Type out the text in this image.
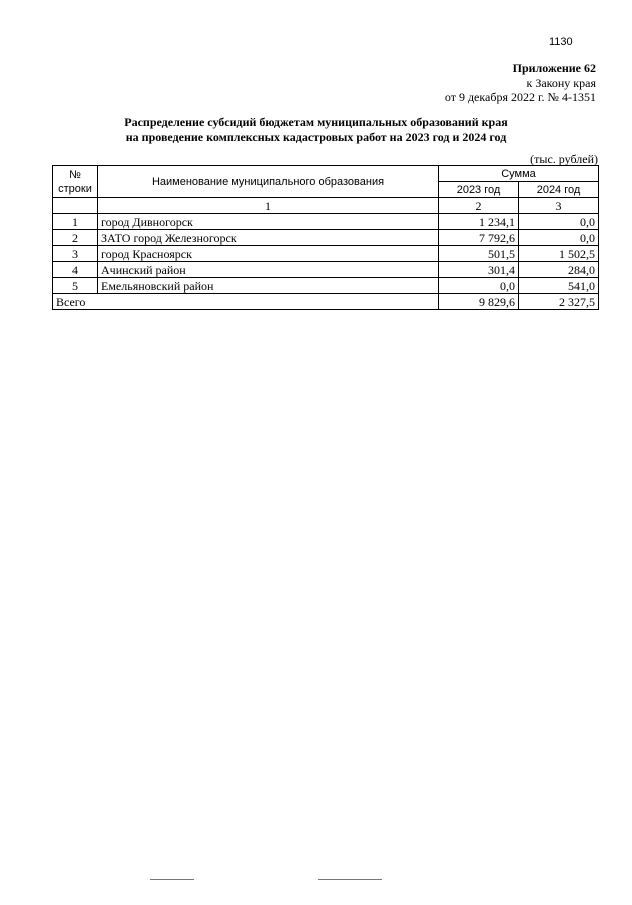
1130
Приложение 62
к Закону края
от 9 декабря 2022 г. № 4-1351
Распределение субсидий бюджетам муниципальных образований края
на проведение комплексных кадастровых работ на 2023 год и 2024 год
(тыс. рублей)
№ строки	Наименование муниципального образования	Сумма	
		2023 год	2024 год
	1	2	3
1	город Дивногорск	1 234,1	0,0
2	ЗАТО город Железногорск	7 792,6	0,0
3	город Красноярск	501,5	1 502,5
4	Ачинский район	301,4	284,0
5	Емельяновский район	0,0	541,0
Всего		9 829,6	2 327,5
